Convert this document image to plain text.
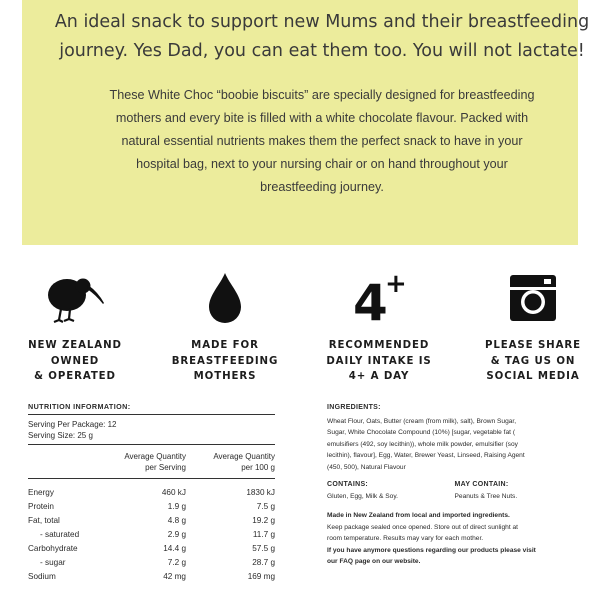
An ideal snack to support new Mums and their breastfeeding
journey. Yes Dad, you can eat them too. You will not lactate!
These White Choc “boobie biscuits” are specially designed for breastfeeding
mothers and every bite is filled with a white chocolate flavour. Packed with
natural essential nutrients makes them the perfect snack to have in your
hospital bag, next to your nursing chair or on hand throughout your
breastfeeding journey.
NEW ZEALAND
OWNED
& OPERATED
MADE FOR
BREASTFEEDING
MOTHERS
4
+
RECOMMENDED
DAILY INTAKE IS
4+ A DAY
PLEASE SHARE
& TAG US ON
SOCIAL MEDIA
NUTRITION INFORMATION:
Serving Per Package: 12
Serving Size: 25 g
Average Quantity
per Serving
Average Quantity
per 100 g
Energy	460 kJ	1830 kJ
Protein	1.9 g	7.5 g
Fat, total	4.8 g	19.2 g
- saturated	2.9 g	11.7 g
Carbohydrate	14.4 g	57.5 g
- sugar	7.2 g	28.7 g
Sodium	42 mg	169 mg
INGREDIENTS:
Wheat Flour, Oats, Butter (cream (from milk), salt), Brown Sugar,
Sugar, White Chocolate Compound (10%) [sugar, vegetable fat (
emulsifiers (492, soy lecithin)), whole milk powder, emulsifier (soy
lecithin), flavour], Egg, Water, Brewer Yeast, Linseed, Raising Agent
(450, 500), Natural Flavour
CONTAINS:
Gluten, Egg, Milk & Soy.
MAY CONTAIN:
Peanuts & Tree Nuts.
Made in New Zealand from local and imported ingredients.
Keep package sealed once opened. Store out of direct sunlight at
room temperature. Results may vary for each mother.
If you have anymore questions regarding our products please visit
our FAQ page on our website.
